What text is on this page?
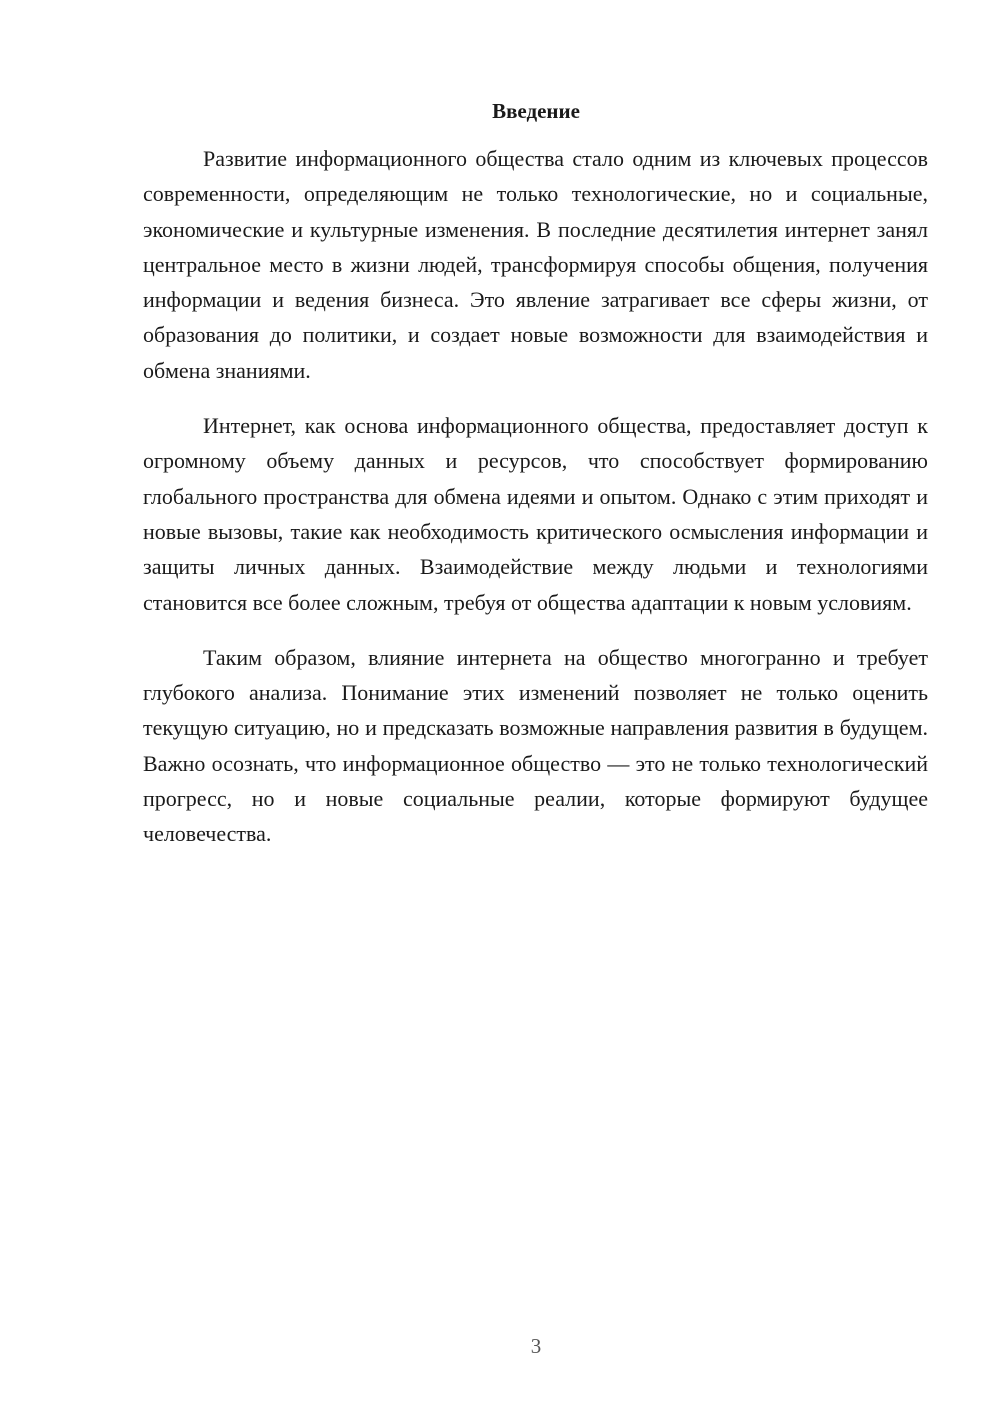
Введение

Развитие информационного общества стало одним из ключевых процессов современности, определяющим не только технологические, но и социальные, экономические и культурные изменения. В последние десятилетия интернет занял центральное место в жизни людей, трансформируя способы общения, получения информации и ведения бизнеса. Это явление затрагивает все сферы жизни, от образования до политики, и создает новые возможности для взаимодействия и обмена знаниями.

Интернет, как основа информационного общества, предоставляет доступ к огромному объему данных и ресурсов, что способствует формированию глобального пространства для обмена идеями и опытом. Однако с этим приходят и новые вызовы, такие как необходимость критического осмысления информации и защиты личных данных. Взаимодействие между людьми и технологиями становится все более сложным, требуя от общества адаптации к новым условиям.

Таким образом, влияние интернета на общество многогранно и требует глубокого анализа. Понимание этих изменений позволяет не только оценить текущую ситуацию, но и предсказать возможные направления развития в будущем. Важно осознать, что информационное общество — это не только технологический прогресс, но и новые социальные реалии, которые формируют будущее человечества.

3
